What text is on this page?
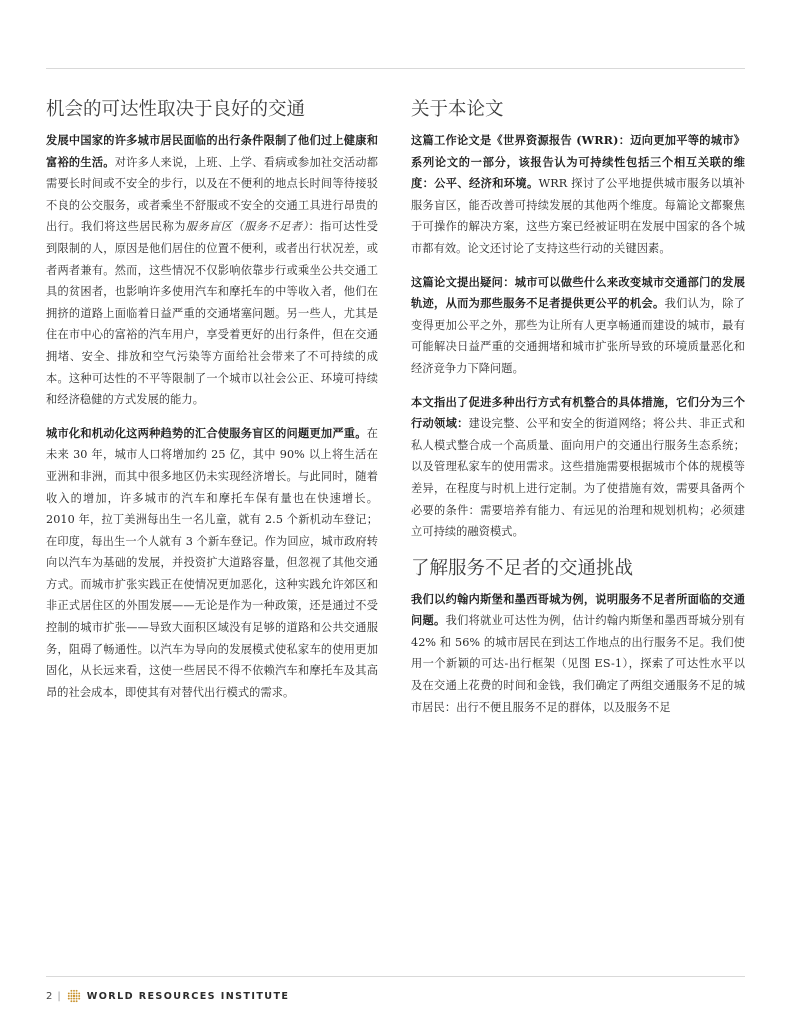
机会的可达性取决于良好的交通

发展中国家的许多城市居民面临的出行条件限制了他们过上健康和富裕的生活。对许多人来说，上班、上学、看病或参加社交活动都需要长时间或不安全的步行，以及在不便利的地点长时间等待接驳不良的公交服务，或者乘坐不舒服或不安全的交通工具进行昂贵的出行。我们将这些居民称为服务盲区（服务不足者）：指可达性受到限制的人，原因是他们居住的位置不便利，或者出行状况差，或者两者兼有。然而，这些情况不仅影响依靠步行或乘坐公共交通工具的贫困者，也影响许多使用汽车和摩托车的中等收入者，他们在拥挤的道路上面临着日益严重的交通堵塞问题。另一些人，尤其是住在市中心的富裕的汽车用户，享受着更好的出行条件，但在交通拥堵、安全、排放和空气污染等方面给社会带来了不可持续的成本。这种可达性的不平等限制了一个城市以社会公正、环境可持续和经济稳健的方式发展的能力。

城市化和机动化这两种趋势的汇合使服务盲区的问题更加严重。在未来 30 年，城市人口将增加约 25 亿，其中 90% 以上将生活在亚洲和非洲，而其中很多地区仍未实现经济增长。与此同时，随着收入的增加，许多城市的汽车和摩托车保有量也在快速增长。2010 年，拉丁美洲每出生一名儿童，就有 2.5 个新机动车登记；在印度，每出生一个人就有 3 个新车登记。作为回应，城市政府转向以汽车为基础的发展，并投资扩大道路容量，但忽视了其他交通方式。而城市扩张实践正在使情况更加恶化，这种实践允许郊区和非正式居住区的外围发展——无论是作为一种政策，还是通过不受控制的城市扩张——导致大面积区域没有足够的道路和公共交通服务，阻碍了畅通性。以汽车为导向的发展模式使私家车的使用更加固化，从长远来看，这使一些居民不得不依赖汽车和摩托车及其高昂的社会成本，即使其有对替代出行模式的需求。

关于本论文

这篇工作论文是《世界资源报告 (WRR)：迈向更加平等的城市》系列论文的一部分，该报告认为可持续性包括三个相互关联的维度：公平、经济和环境。WRR 探讨了公平地提供城市服务以填补服务盲区，能否改善可持续发展的其他两个维度。每篇论文都聚焦于可操作的解决方案，这些方案已经被证明在发展中国家的各个城市都有效。论文还讨论了支持这些行动的关键因素。

这篇论文提出疑问：城市可以做些什么来改变城市交通部门的发展轨迹，从而为那些服务不足者提供更公平的机会。我们认为，除了变得更加公平之外，那些为让所有人更享畅通而建设的城市，最有可能解决日益严重的交通拥堵和城市扩张所导致的环境质量恶化和经济竞争力下降问题。

本文指出了促进多种出行方式有机整合的具体措施，它们分为三个行动领域：建设完整、公平和安全的街道网络；将公共、非正式和私人模式整合成一个高质量、面向用户的交通出行服务生态系统；以及管理私家车的使用需求。这些措施需要根据城市个体的规模等差异，在程度与时机上进行定制。为了使措施有效，需要具备两个必要的条件：需要培养有能力、有远见的治理和规划机构；必须建立可持续的融资模式。

了解服务不足者的交通挑战

我们以约翰内斯堡和墨西哥城为例，说明服务不足者所面临的交通问题。我们将就业可达性为例，估计约翰内斯堡和墨西哥城分别有 42% 和 56% 的城市居民在到达工作地点的出行服务不足。我们使用一个新颖的可达-出行框架（见图 ES-1），探索了可达性水平以及在交通上花费的时间和金钱，我们确定了两组交通服务不足的城市居民：出行不便且服务不足的群体，以及服务不足

2 |	WORLD RESOURCES INSTITUTE
